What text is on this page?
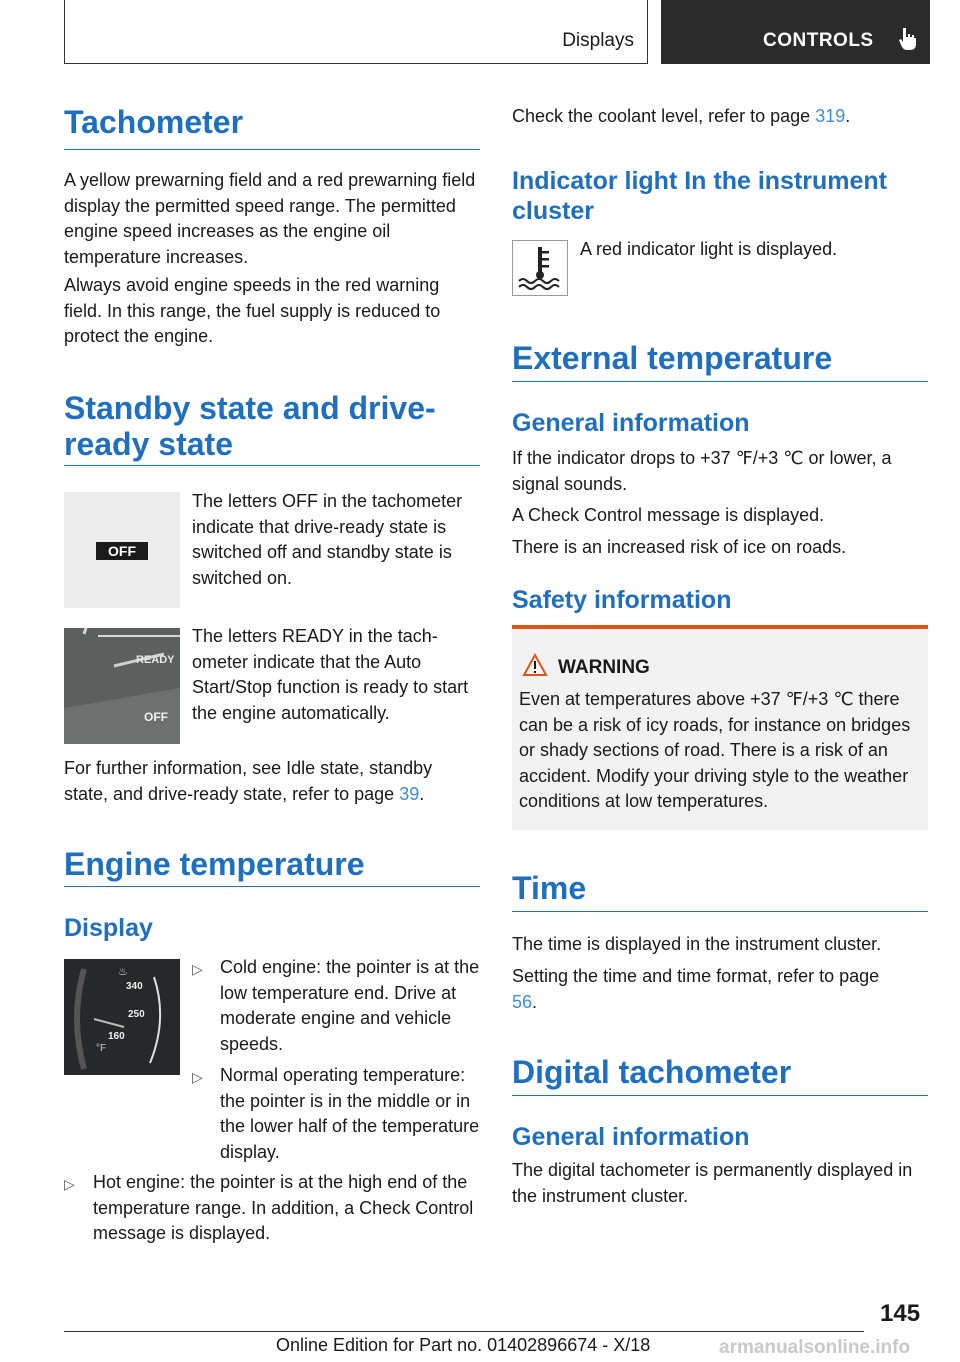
Displays	CONTROLS
Tachometer

A yellow prewarning field and a red prewarning field display the permitted speed range. The permitted engine speed increases as the engine oil temperature increases.

Always avoid engine speeds in the red warning field. In this range, the fuel supply is reduced to protect the engine.

Standby state and drive-
ready state
OFF

The letters OFF in the tachometer indicate that drive-ready state is switched off and standby state is switched on.

READY
OFF

The letters READY in the tachometer indicate that the Auto Start/Stop function is ready to start the engine automatically.

For further information, see Idle state, standby state, and drive-ready state, refer to page 39.

Engine temperature
Display
♨
340
250
160
°F
▷ Cold engine: the pointer is at the low temperature end. Drive at moderate engine and vehicle speeds.
▷ Normal operating temperature: the pointer is in the middle or in the lower half of the temperature display.
▷ Hot engine: the pointer is at the high end of the temperature range. In addition, a Check Control message is displayed.

Check the coolant level, refer to page 319.

Indicator light In the instrument
cluster

A red indicator light is displayed.

External temperature
General information

If the indicator drops to +37 ℉/+3 ℃ or lower, a signal sounds.

A Check Control message is displayed.

There is an increased risk of ice on roads.

Safety information
WARNING
Even at temperatures above +37 ℉/+3 ℃ there can be a risk of icy roads, for instance on bridges or shady sections of road. There is a risk of an accident. Modify your driving style to the weather conditions at low temperatures.
Time

The time is displayed in the instrument cluster.

Setting the time and time format, refer to page 56.

Digital tachometer
General information

The digital tachometer is permanently displayed in the instrument cluster.

145
Online Edition for Part no. 01402896674 - X/18	armanualsonline.info
